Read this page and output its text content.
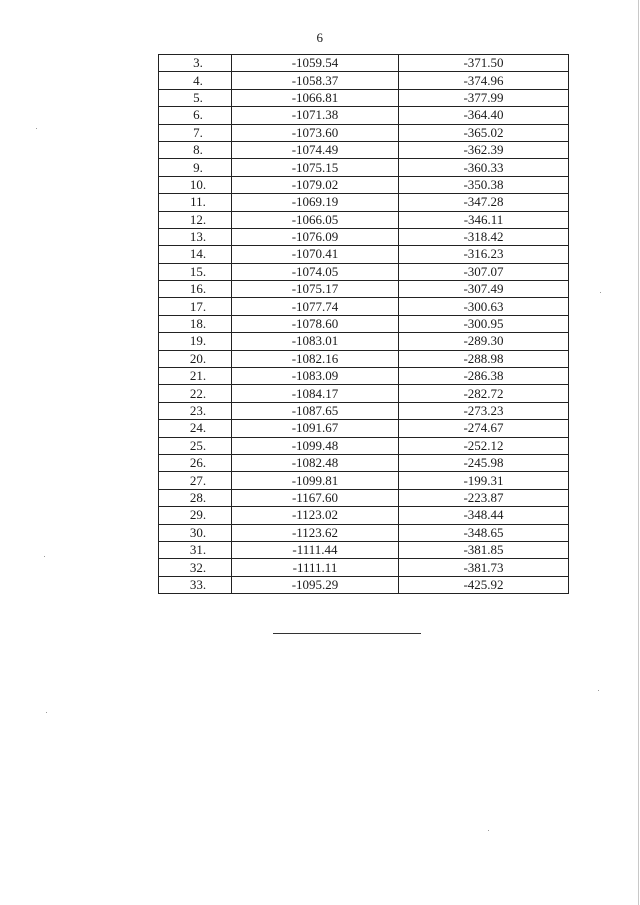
6
3.	-1059.54	-371.50
4.	-1058.37	-374.96
5.	-1066.81	-377.99
6.	-1071.38	-364.40
7.	-1073.60	-365.02
8.	-1074.49	-362.39
9.	-1075.15	-360.33
10.	-1079.02	-350.38
11.	-1069.19	-347.28
12.	-1066.05	-346.11
13.	-1076.09	-318.42
14.	-1070.41	-316.23
15.	-1074.05	-307.07
16.	-1075.17	-307.49
17.	-1077.74	-300.63
18.	-1078.60	-300.95
19.	-1083.01	-289.30
20.	-1082.16	-288.98
21.	-1083.09	-286.38
22.	-1084.17	-282.72
23.	-1087.65	-273.23
24.	-1091.67	-274.67
25.	-1099.48	-252.12
26.	-1082.48	-245.98
27.	-1099.81	-199.31
28.	-1167.60	-223.87
29.	-1123.02	-348.44
30.	-1123.62	-348.65
31.	-1111.44	-381.85
32.	-1111.11	-381.73
33.	-1095.29	-425.92
